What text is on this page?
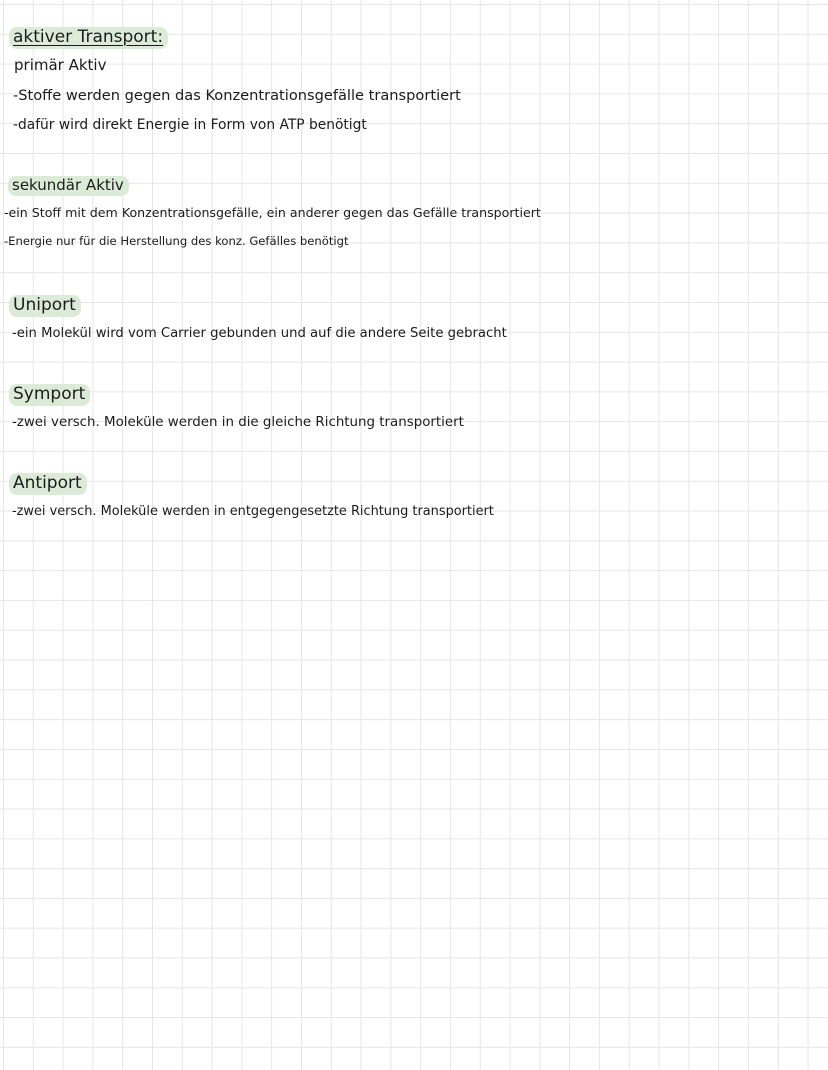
aktiver Transport:
primär Aktiv
-Stoffe werden gegen das Konzentrationsgefälle transportiert
-dafür wird direkt Energie in Form von ATP benötigt
sekundär Aktiv
-ein Stoff mit dem Konzentrationsgefälle, ein anderer gegen das Gefälle transportiert
-Energie nur für die Herstellung des konz. Gefälles benötigt
Uniport
-ein Molekül wird vom Carrier gebunden und auf die andere Seite gebracht
Symport
-zwei versch. Moleküle werden in die gleiche Richtung transportiert
Antiport
-zwei versch. Moleküle werden in entgegengesetzte Richtung transportiert
